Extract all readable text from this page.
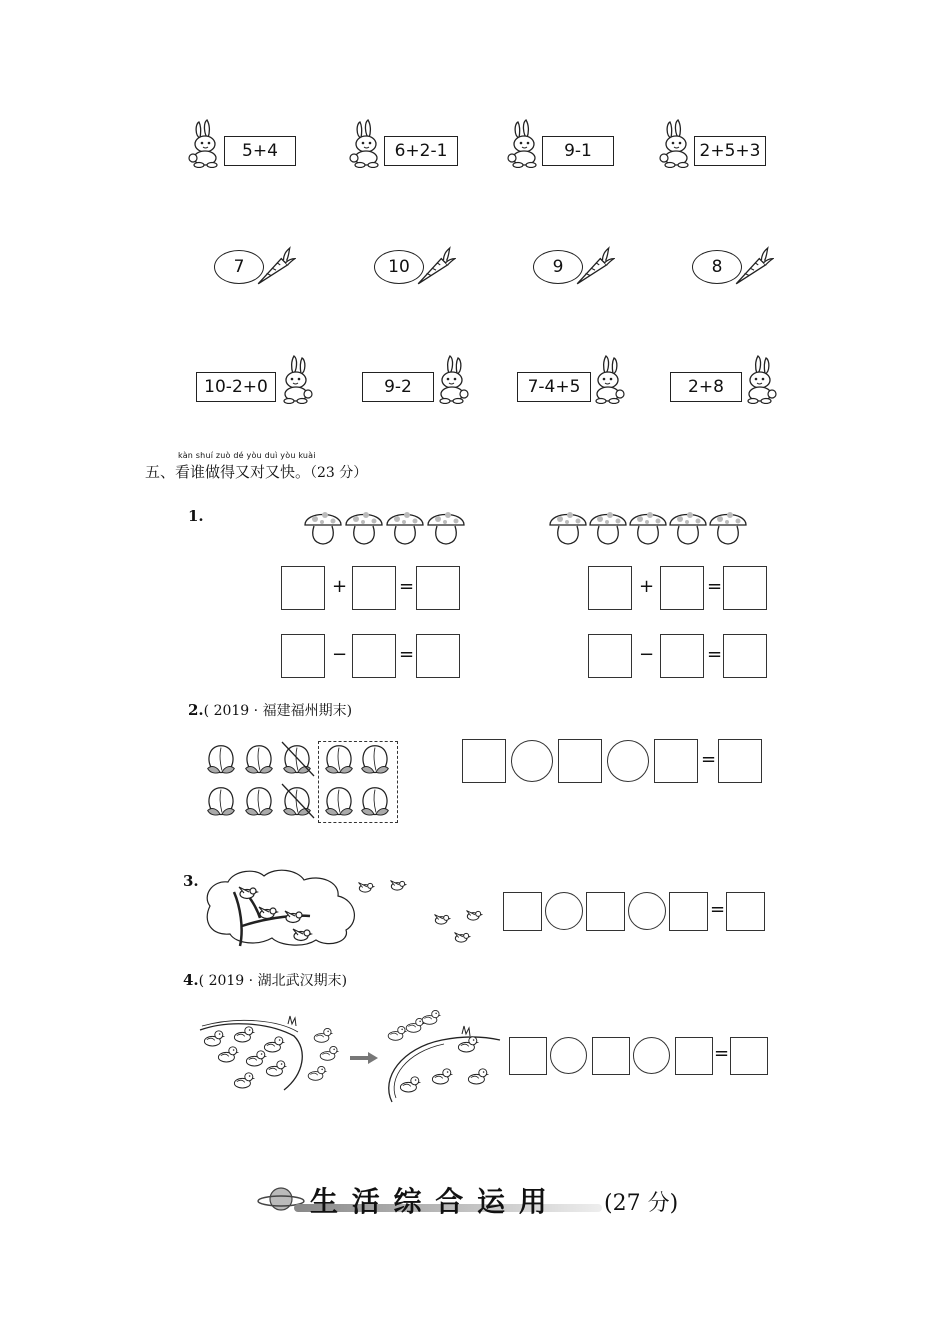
5+4	6+2-1	9-1	2+5+3
7	10	9	8
10-2+0	9-2	7-4+5	2+8
kàn shuí zuò dé yòu duì yòu kuài
五、看谁做得又对又快。（23 分）
1.
+	=	+	=
−	=	−	=
2.( 2019 · 福建福州期末)
=
3.
=
4.( 2019 · 湖北武汉期末)
=
生 活 综 合 运 用	(27 分)
